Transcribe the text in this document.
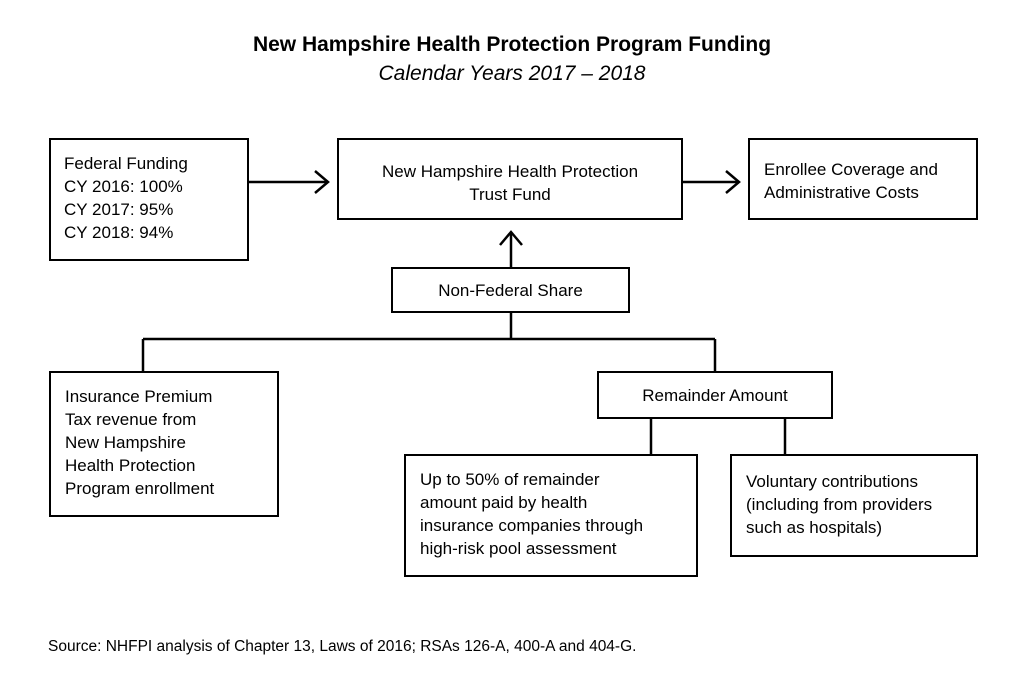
New Hampshire Health Protection Program Funding
Calendar Years 2017 – 2018
Federal Funding
CY 2016: 100%
CY 2017: 95%
CY 2018: 94%
New Hampshire Health Protection
Trust Fund
Enrollee Coverage and
Administrative Costs
Non-Federal Share
Insurance Premium
Tax revenue from
New Hampshire
Health Protection
Program enrollment
Remainder Amount
Up to 50% of remainder
amount paid by health
insurance companies through
high-risk pool assessment
Voluntary contributions
(including from providers
such as hospitals)
Source: NHFPI analysis of Chapter 13, Laws of 2016; RSAs 126-A, 400-A and 404-G.
